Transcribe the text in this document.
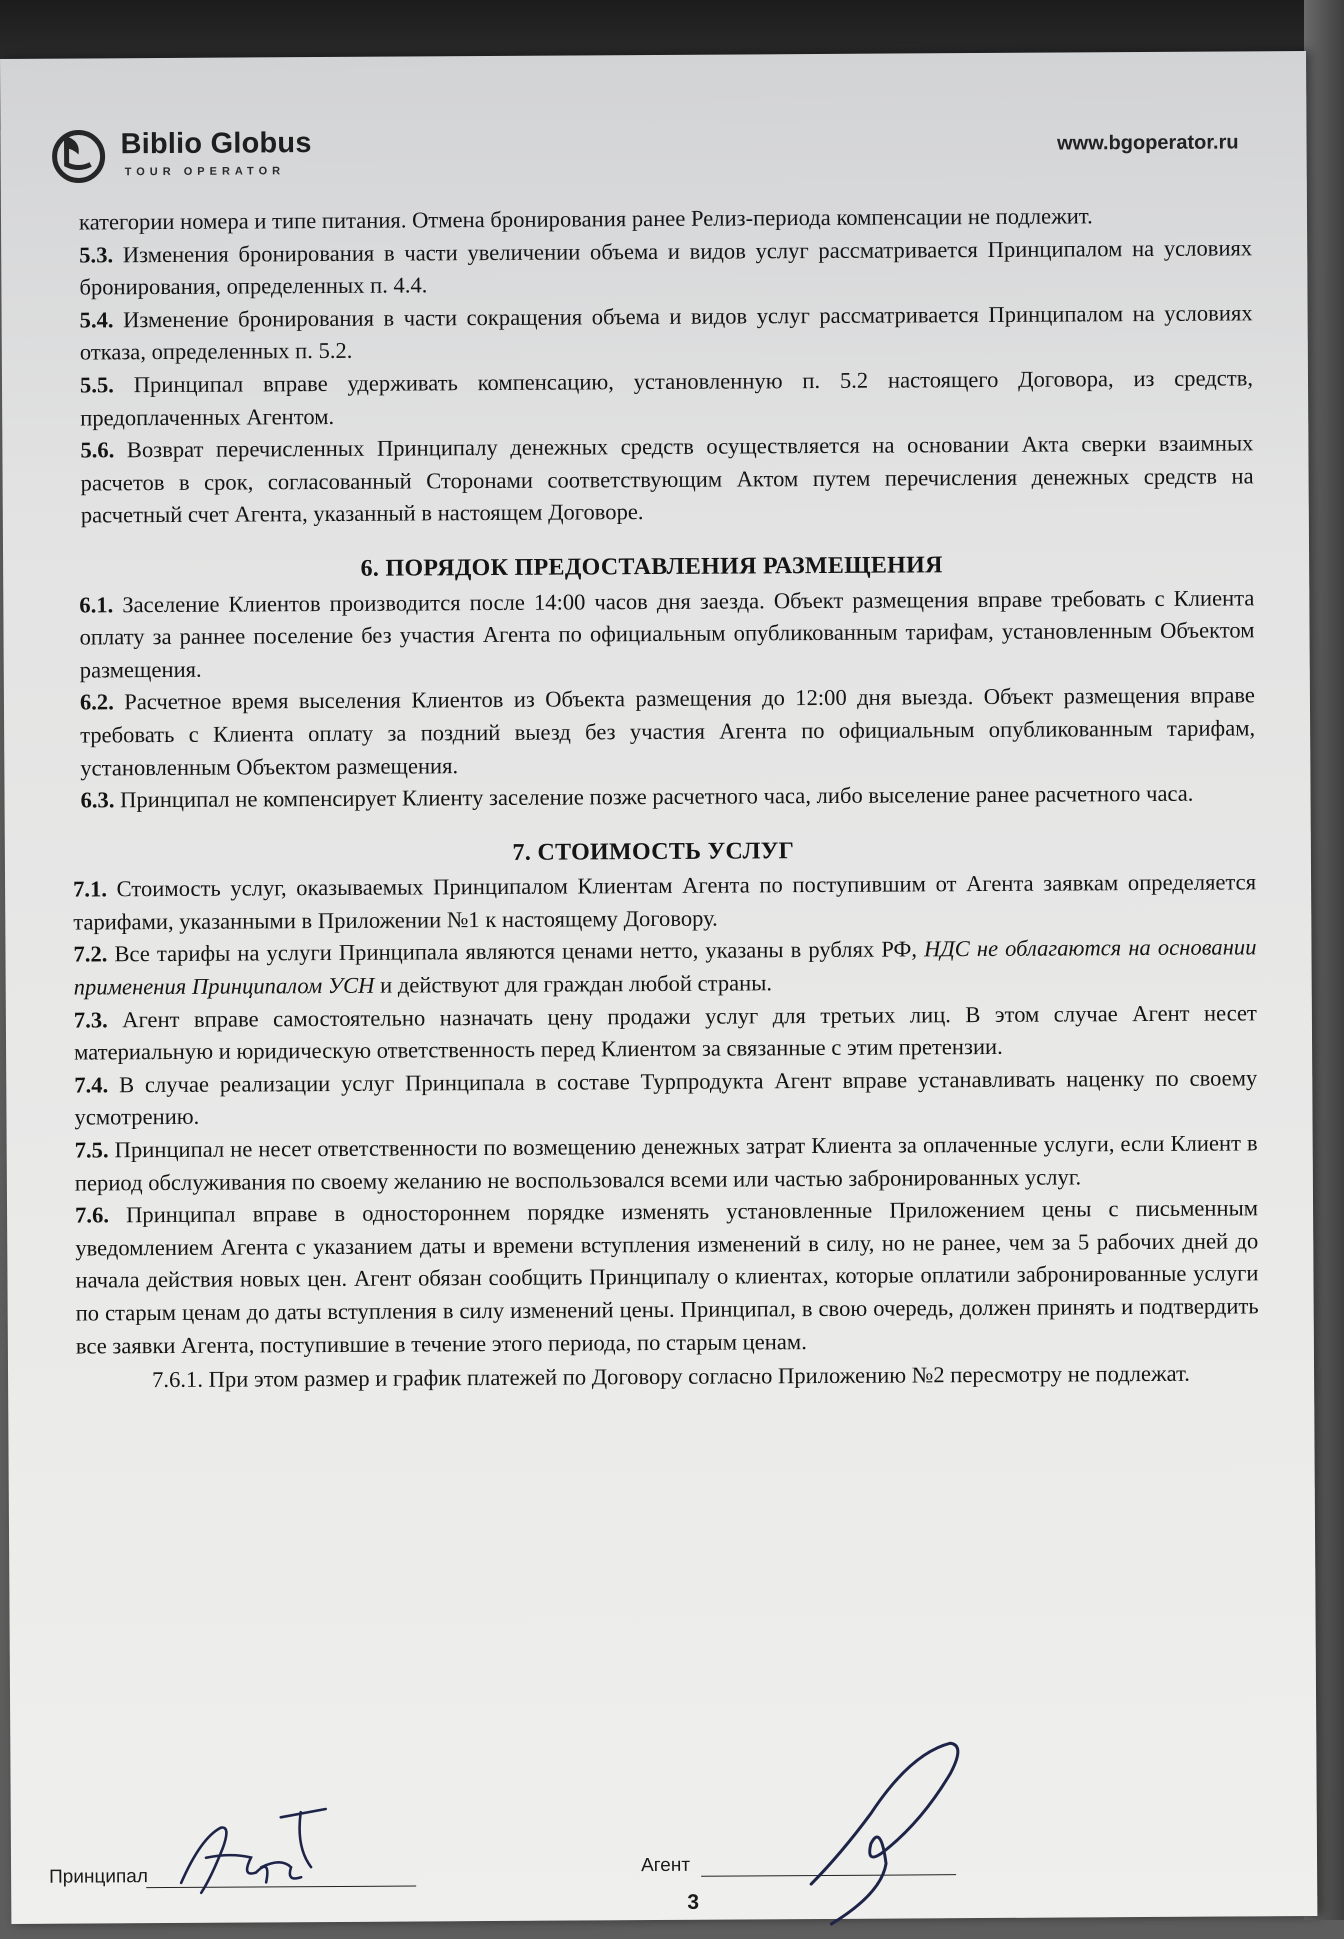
Biblio Globus
TOUR OPERATOR
www.bgoperator.ru

категории номера и типе питания. Отмена бронирования ранее Релиз-периода компенсации не подлежит.

5.3. Изменения бронирования в части увеличении объема и видов услуг рассматривается Принципалом на условиях бронирования, определенных п. 4.4.

5.4. Изменение бронирования в части сокращения объема и видов услуг рассматривается Принципалом на условиях отказа, определенных п. 5.2.

5.5. Принципал вправе удерживать компенсацию, установленную п. 5.2 настоящего Договора, из средств, предоплаченных Агентом.

5.6. Возврат перечисленных Принципалу денежных средств осуществляется на основании Акта сверки взаимных расчетов в срок, согласованный Сторонами соответствующим Актом путем перечисления денежных средств на расчетный счет Агента, указанный в настоящем Договоре.

6. ПОРЯДОК ПРЕДОСТАВЛЕНИЯ РАЗМЕЩЕНИЯ

6.1. Заселение Клиентов производится после 14:00 часов дня заезда. Объект размещения вправе требовать с Клиента оплату за раннее поселение без участия Агента по официальным опубликованным тарифам, установленным Объектом размещения.

6.2. Расчетное время выселения Клиентов из Объекта размещения до 12:00 дня выезда. Объект размещения вправе требовать с Клиента оплату за поздний выезд без участия Агента по официальным опубликованным тарифам, установленным Объектом размещения.

6.3. Принципал не компенсирует Клиенту заселение позже расчетного часа, либо выселение ранее расчетного часа.

7. СТОИМОСТЬ УСЛУГ

7.1. Стоимость услуг, оказываемых Принципалом Клиентам Агента по поступившим от Агента заявкам определяется тарифами, указанными в Приложении №1 к настоящему Договору.

7.2. Все тарифы на услуги Принципала являются ценами нетто, указаны в рублях РФ, НДС не облагаются на основании применения Принципалом УСН и действуют для граждан любой страны.

7.3. Агент вправе самостоятельно назначать цену продажи услуг для третьих лиц. В этом случае Агент несет материальную и юридическую ответственность перед Клиентом за связанные с этим претензии.

7.4. В случае реализации услуг Принципала в составе Турпродукта Агент вправе устанавливать наценку по своему усмотрению.

7.5. Принципал не несет ответственности по возмещению денежных затрат Клиента за оплаченные услуги, если Клиент в период обслуживания по своему желанию не воспользовался всеми или частью забронированных услуг.

7.6. Принципал вправе в одностороннем порядке изменять установленные Приложением цены с письменным уведомлением Агента с указанием даты и времени вступления изменений в силу, но не ранее, чем за 5 рабочих дней до начала действия новых цен. Агент обязан сообщить Принципалу о клиентах, которые оплатили забронированные услуги по старым ценам до даты вступления в силу изменений цены. Принципал, в свою очередь, должен принять и подтвердить все заявки Агента, поступившие в течение этого периода, по старым ценам.

7.6.1. При этом размер и график платежей по Договору согласно Приложению №2 пересмотру не подлежат.

Принципал
Агент
3
